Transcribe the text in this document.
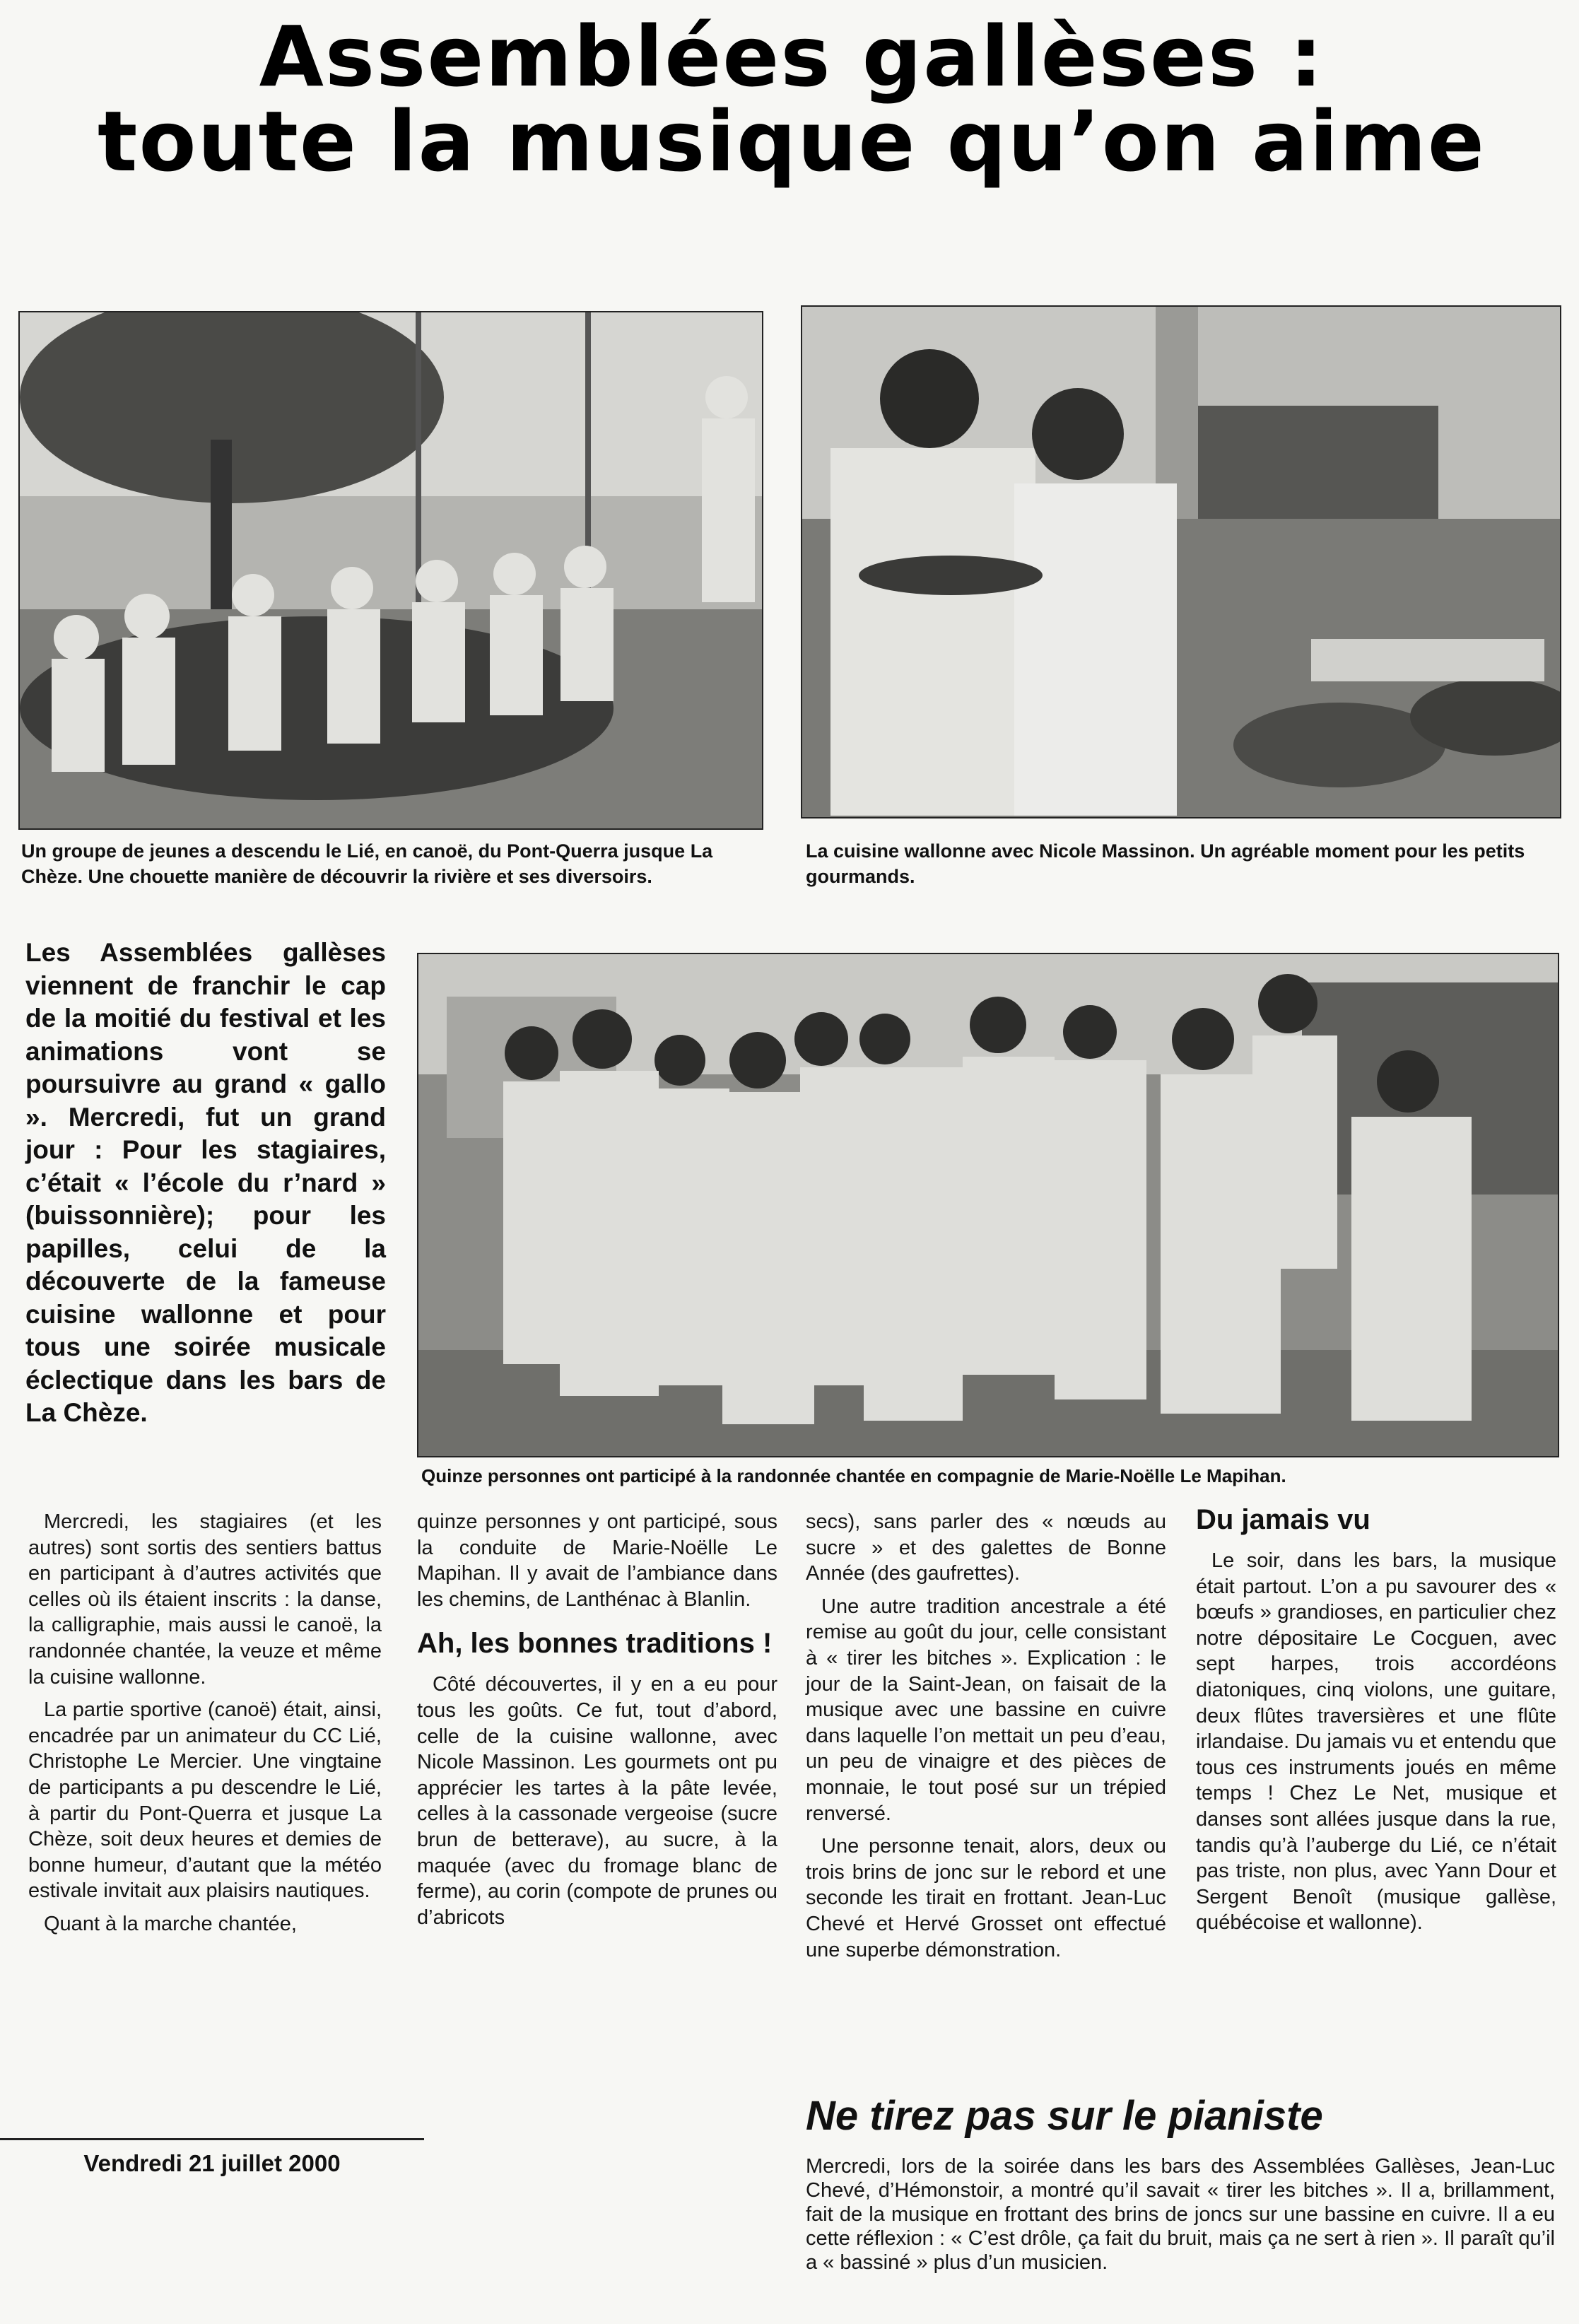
Assemblées gallèses :
toute la musique qu’on aime
Un groupe de jeunes a descendu le Lié, en canoë, du Pont-Querra jusque La Chèze. Une chouette manière de découvrir la rivière et ses diversoirs.
La cuisine wallonne avec Nicole Massinon. Un agréable moment pour les petits gourmands.
Les Assemblées gallèses viennent de franchir le cap de la moitié du festival et les animations vont se poursuivre au grand « gallo ». Mercredi, fut un grand jour : Pour les stagiaires, c’était « l’école du r’nard » (buissonnière); pour les papilles, celui de la découverte de la fameuse cuisine wallonne et pour tous une soirée musicale éclectique dans les bars de La Chèze.
Quinze personnes ont participé à la randonnée chantée en compagnie de Marie-Noëlle Le Mapihan.

Mercredi, les stagiaires (et les autres) sont sortis des sentiers battus en participant à d’autres activités que celles où ils étaient inscrits : la danse, la calligraphie, mais aussi le canoë, la randonnée chantée, la veuze et même la cuisine wallonne.

La partie sportive (canoë) était, ainsi, encadrée par un animateur du CC Lié, Christophe Le Mercier. Une vingtaine de participants a pu descendre le Lié, à partir du Pont-Querra et jusque La Chèze, soit deux heures et demies de bonne humeur, d’autant que la météo estivale invitait aux plaisirs nautiques.

Quant à la marche chantée,

quinze personnes y ont participé, sous la conduite de Marie-Noëlle Le Mapihan. Il y avait de l’ambiance dans les chemins, de Lanthénac à Blanlin.

Ah, les bonnes traditions !

Côté découvertes, il y en a eu pour tous les goûts. Ce fut, tout d’abord, celle de la cuisine wallonne, avec Nicole Massinon. Les gourmets ont pu apprécier les tartes à la pâte levée, celles à la cassonade vergeoise (sucre brun de betterave), au sucre, à la maquée (avec du fromage blanc de ferme), au corin (compote de prunes ou d’abricots

secs), sans parler des « nœuds au sucre » et des galettes de Bonne Année (des gaufrettes).

Une autre tradition ancestrale a été remise au goût du jour, celle consistant à « tirer les bitches ». Explication : le jour de la Saint-Jean, on faisait de la musique avec une bassine en cuivre dans laquelle l’on mettait un peu d’eau, un peu de vinaigre et des pièces de monnaie, le tout posé sur un trépied renversé.

Une personne tenait, alors, deux ou trois brins de jonc sur le rebord et une seconde les tirait en frottant. Jean-Luc Chevé et Hervé Grosset ont effectué une superbe démonstration.

Du jamais vu

Le soir, dans les bars, la musique était partout. L’on a pu savourer des « bœufs » grandioses, en particulier chez notre dépositaire Le Cocguen, avec sept harpes, trois accordéons diatoniques, cinq violons, une guitare, deux flûtes traversières et une flûte irlandaise. Du jamais vu et entendu que tous ces instruments joués en même temps ! Chez Le Net, musique et danses sont allées jusque dans la rue, tandis qu’à l’auberge du Lié, ce n’était pas triste, non plus, avec Yann Dour et Sergent Benoît (musique gallèse, québécoise et wallonne).

Vendredi 21 juillet 2000
Ne tirez pas sur le pianiste
Mercredi, lors de la soirée dans les bars des Assemblées Gallèses, Jean-Luc Chevé, d’Hémonstoir, a montré qu’il savait « tirer les bitches ». Il a, brillamment, fait de la musique en frottant des brins de joncs sur une bassine en cuivre. Il a eu cette réflexion : « C’est drôle, ça fait du bruit, mais ça ne sert à rien ». Il paraît qu’il a « bassiné » plus d’un musicien.
